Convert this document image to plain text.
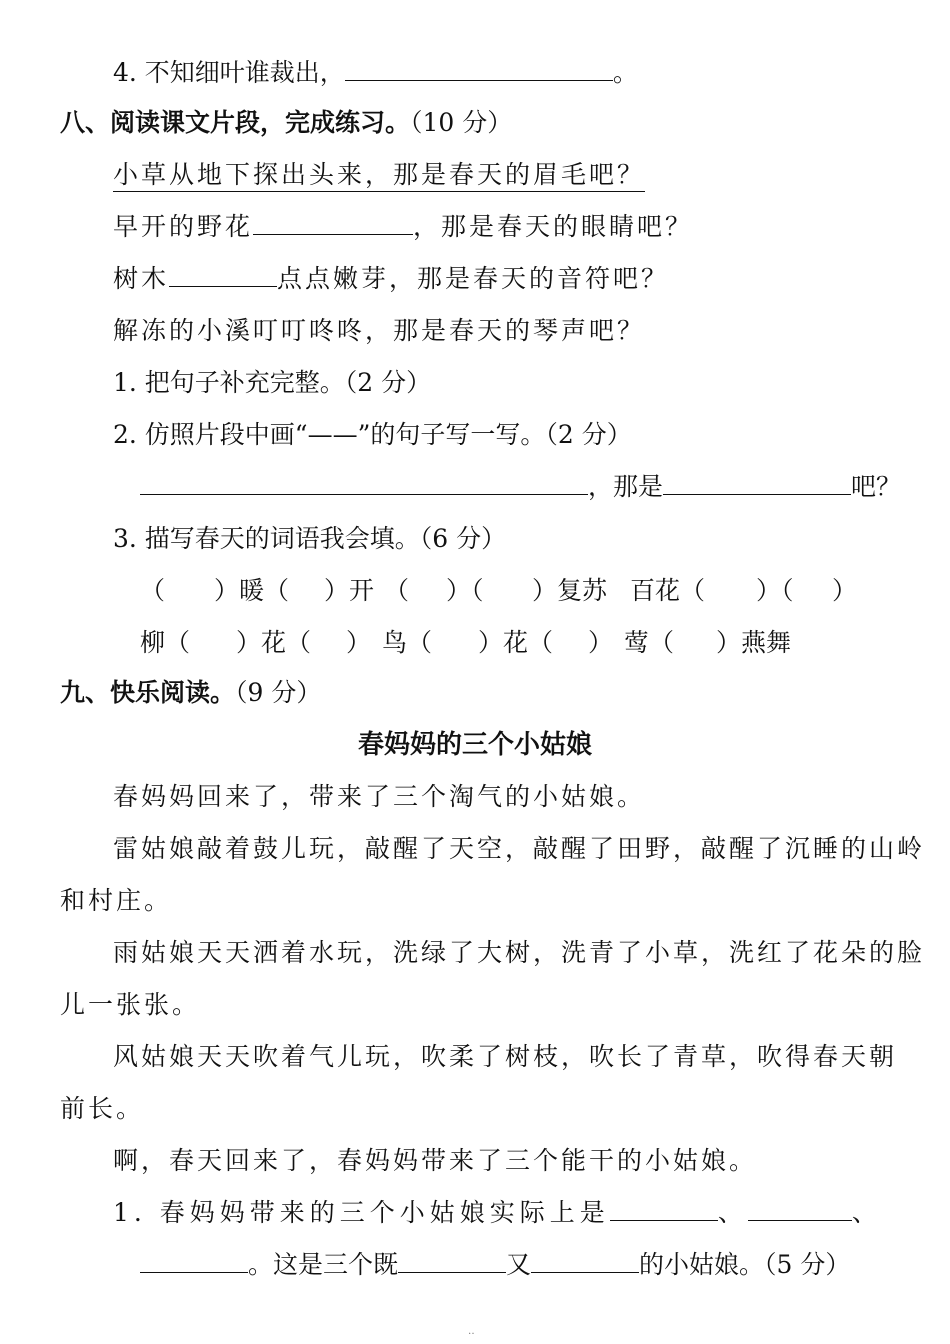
4. 不知细叶谁裁出，	。
八、阅读课文片段，完成练习。（10 分）
小草从地下探出头来，那是春天的眉毛吧？
早开的野花	，那是春天的眼睛吧？
树木	点点嫩芽，那是春天的音符吧？
解冻的小溪叮叮咚咚，那是春天的琴声吧？
1. 把句子补充完整。（2 分）
2. 仿照片段中画“——”的句子写一写。（2 分）
，那是	吧？
3. 描写春天的词语我会填。（6 分）
（ ）暖（ ）开 （ ）（ ）复苏 百花（ ）（ ）
柳（ ）花（ ） 鸟（ ）花（ ） 莺（ ）燕舞
九、快乐阅读。（9 分）
春妈妈的三个小姑娘
春妈妈回来了，带来了三个淘气的小姑娘。
雷姑娘敲着鼓儿玩，敲醒了天空，敲醒了田野，敲醒了沉睡的山岭
和村庄。
雨姑娘天天洒着水玩，洗绿了大树，洗青了小草，洗红了花朵的脸
儿一张张。
风姑娘天天吹着气儿玩，吹柔了树枝，吹长了青草，吹得春天朝
前长。
啊，春天回来了，春妈妈带来了三个能干的小姑娘。
1. 春妈妈带来的三个小姑娘实际上是	、	、
。这是三个既	又	的小姑娘。（5 分）
‥
